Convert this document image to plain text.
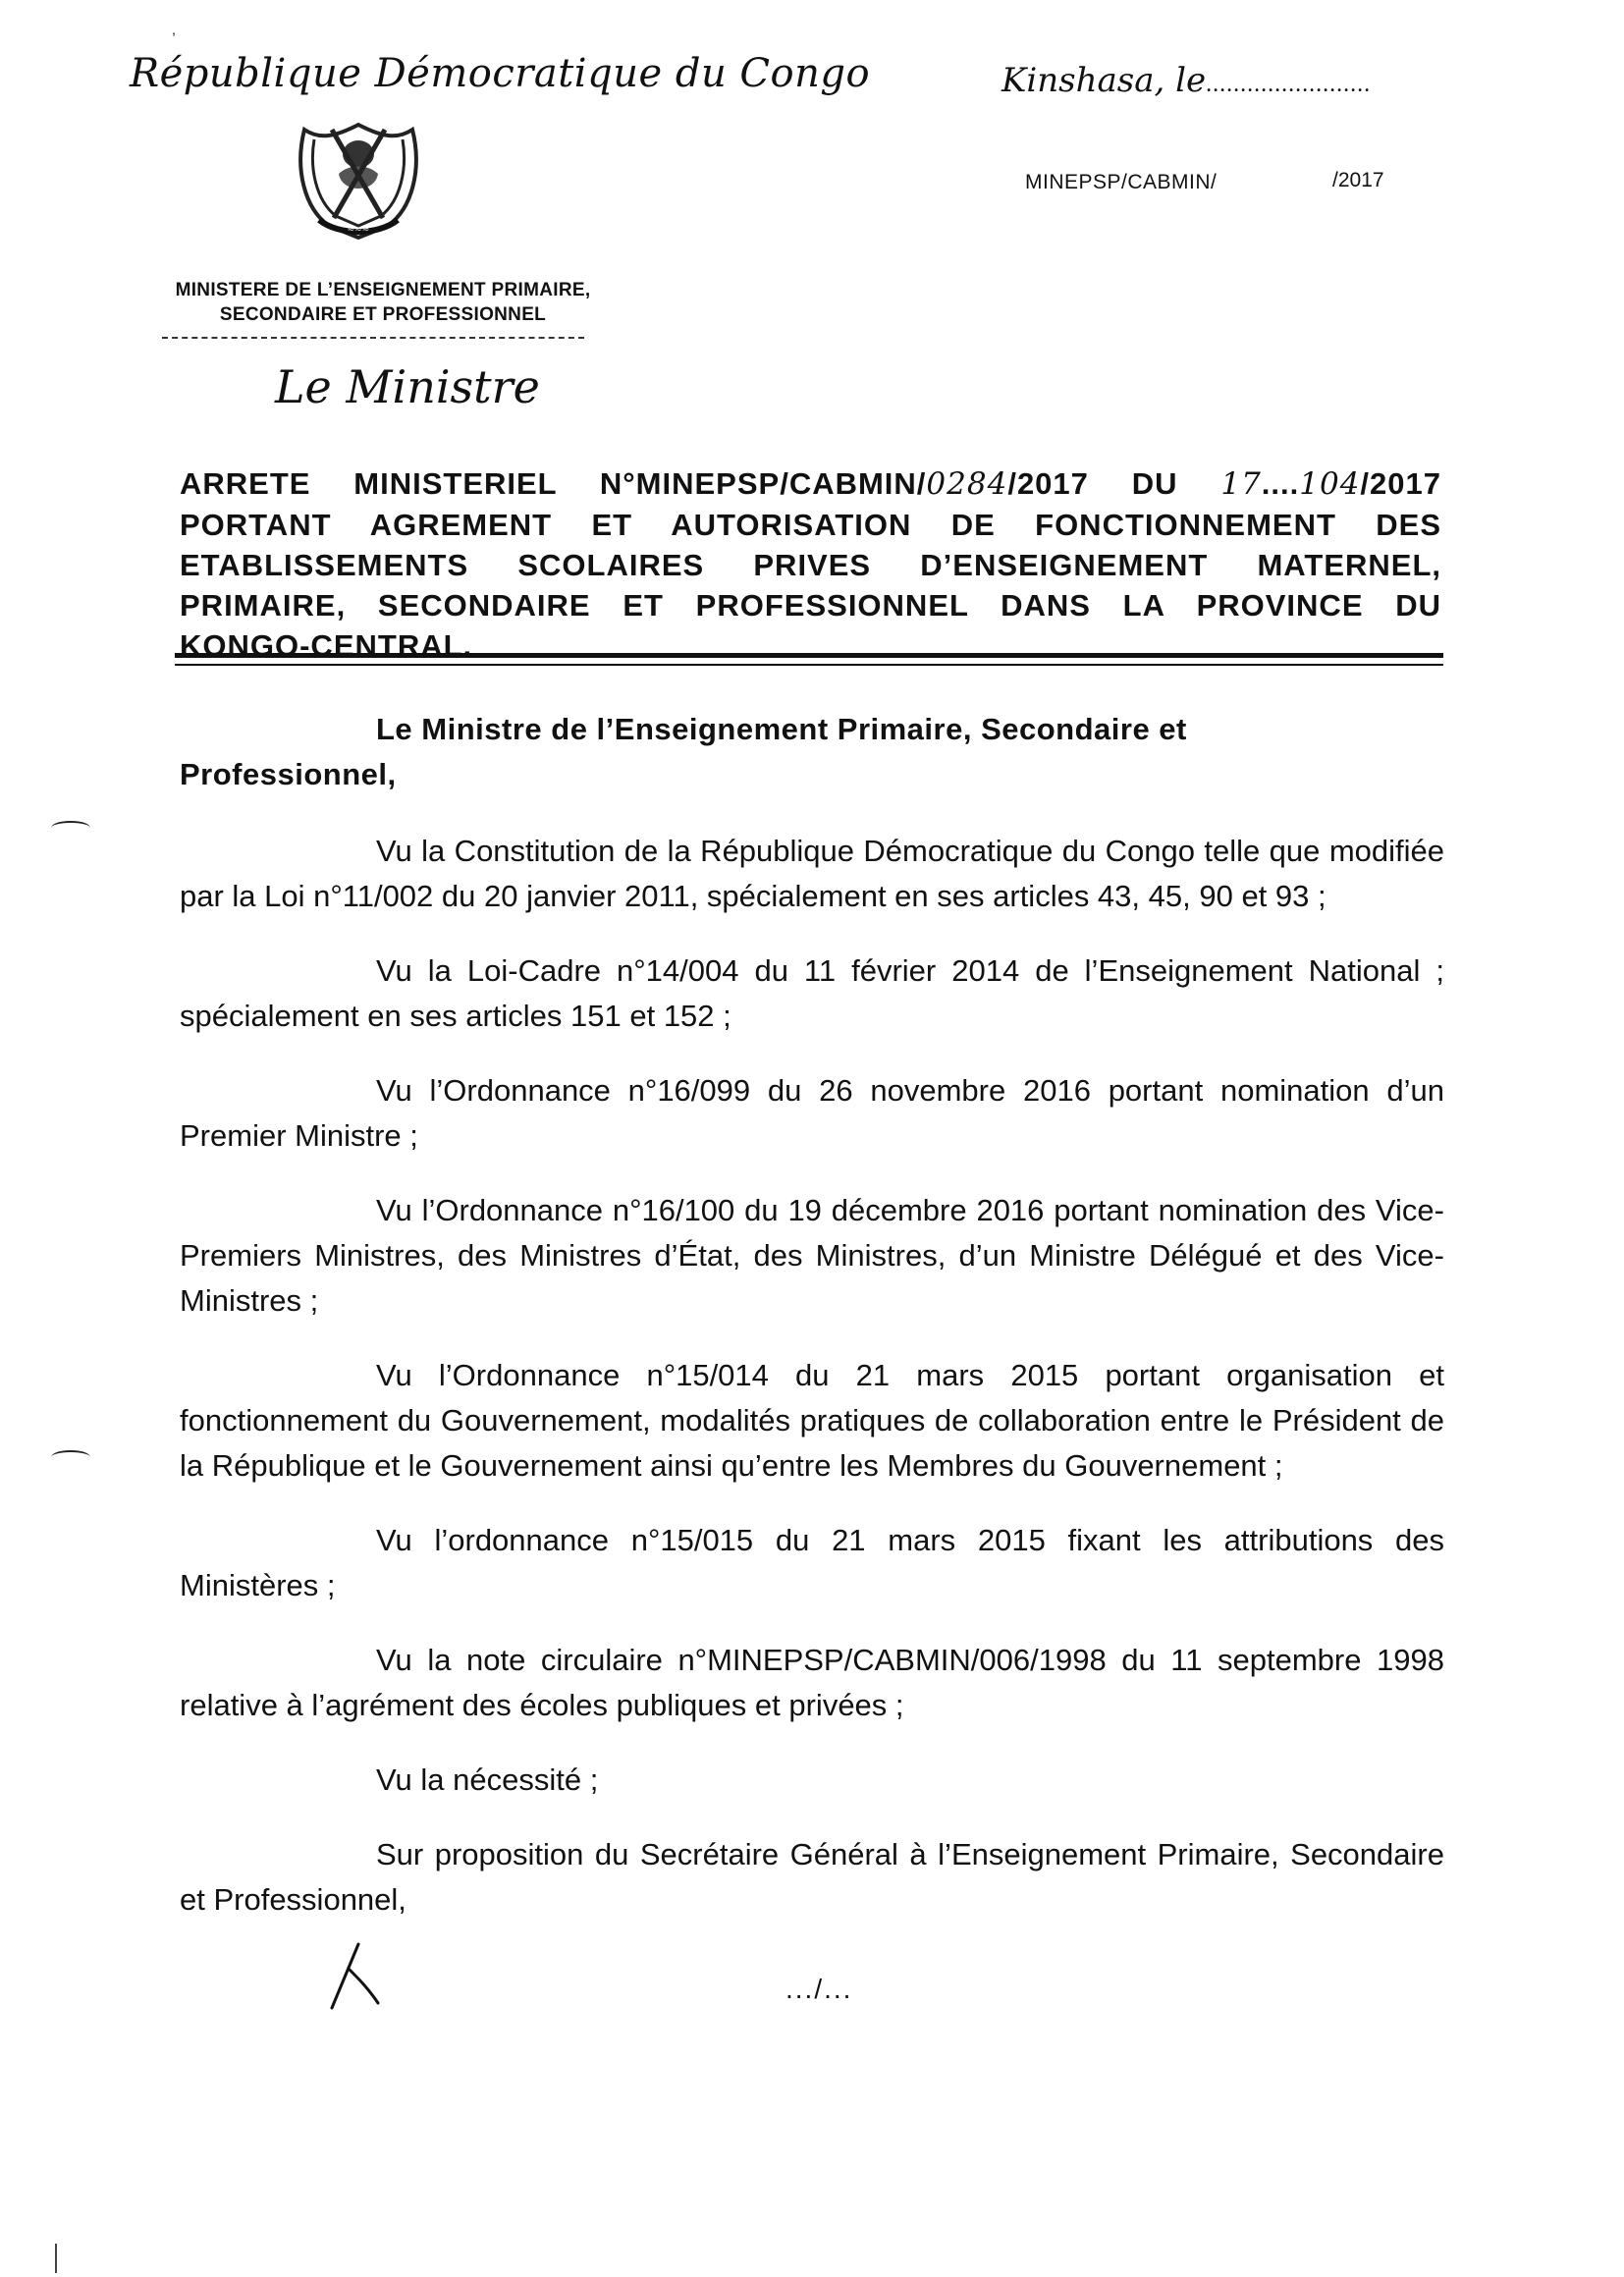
,
République Démocratique du Congo	Kinshasa, le........................
≈≈≈
MINISTERE DE L’ENSEIGNEMENT PRIMAIRE,
SECONDAIRE ET PROFESSIONNEL
Le Ministre
MINEPSP/CABMIN/	/2017
ARRETE MINISTERIEL N°MINEPSP/CABMIN/0284/2017 DU 17....104/2017
PORTANT AGREMENT ET AUTORISATION DE FONCTIONNEMENT DES
ETABLISSEMENTS SCOLAIRES PRIVES D’ENSEIGNEMENT MATERNEL,
PRIMAIRE, SECONDAIRE ET PROFESSIONNEL DANS LA PROVINCE DU
KONGO-CENTRAL.

Le Ministre de l’Enseignement Primaire, Secondaire et
Professionnel,

Vu la Constitution de la République Démocratique du Congo telle que modifiée par la Loi n°11/002 du 20 janvier 2011, spécialement en ses articles 43, 45, 90 et 93 ;

Vu la Loi-Cadre n°14/004 du 11 février 2014 de l’Enseignement National ; spécialement en ses articles 151 et 152 ;

Vu l’Ordonnance n°16/099 du 26 novembre 2016 portant nomination d’un Premier Ministre ;

Vu l’Ordonnance n°16/100 du 19 décembre 2016 portant nomination des Vice-Premiers Ministres, des Ministres d’État, des Ministres, d’un Ministre Délégué et des Vice-Ministres ;

Vu l’Ordonnance n°15/014 du 21 mars 2015 portant organisation et fonctionnement du Gouvernement, modalités pratiques de collaboration entre le Président de la République et le Gouvernement ainsi qu’entre les Membres du Gouvernement ;

Vu l’ordonnance n°15/015 du 21 mars 2015 fixant les attributions des Ministères ;

Vu la note circulaire n°MINEPSP/CABMIN/006/1998 du 11 septembre 1998 relative à l’agrément des écoles publiques et privées ;

Vu la nécessité ;

Sur proposition du Secrétaire Général à l’Enseignement Primaire, Secondaire et Professionnel,

.../...
